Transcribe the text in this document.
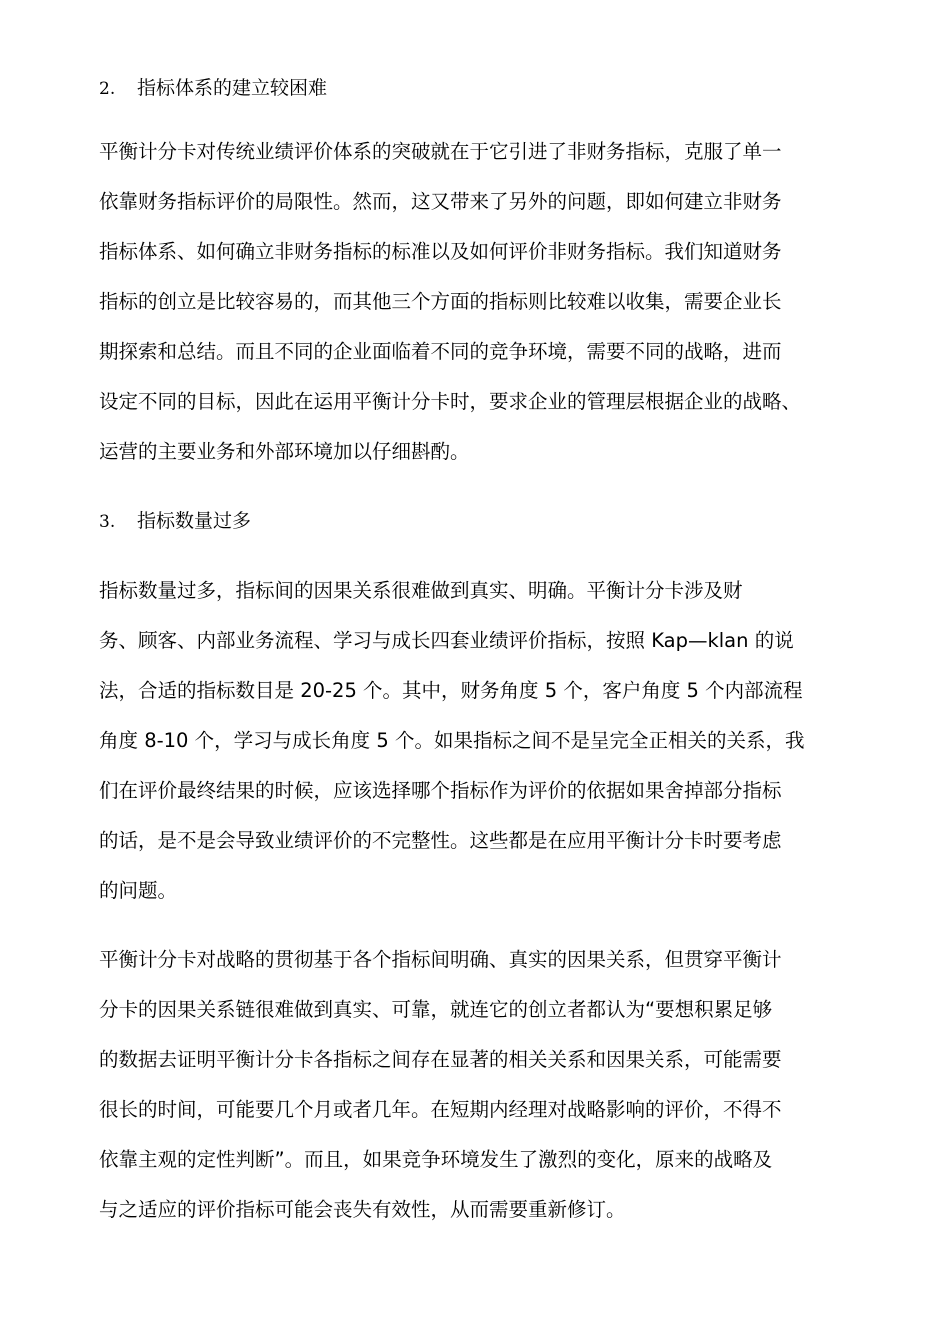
2. 指标体系的建立较困难

平衡计分卡对传统业绩评价体系的突破就在于它引进了非财务指标，克服了单一
依靠财务指标评价的局限性。然而，这又带来了另外的问题，即如何建立非财务
指标体系、如何确立非财务指标的标准以及如何评价非财务指标。我们知道财务
指标的创立是比较容易的，而其他三个方面的指标则比较难以收集，需要企业长
期探索和总结。而且不同的企业面临着不同的竞争环境，需要不同的战略，进而
设定不同的目标，因此在运用平衡计分卡时，要求企业的管理层根据企业的战略、
运营的主要业务和外部环境加以仔细斟酌。

3. 指标数量过多

指标数量过多，指标间的因果关系很难做到真实、明确。平衡计分卡涉及财
务、顾客、内部业务流程、学习与成长四套业绩评价指标，按照 Kap—klan 的说
法，合适的指标数目是 20-25 个。其中，财务角度 5 个，客户角度 5 个内部流程
角度 8-10 个，学习与成长角度 5 个。如果指标之间不是呈完全正相关的关系，我
们在评价最终结果的时候，应该选择哪个指标作为评价的依据如果舍掉部分指标
的话，是不是会导致业绩评价的不完整性。这些都是在应用平衡计分卡时要考虑
的问题。

平衡计分卡对战略的贯彻基于各个指标间明确、真实的因果关系，但贯穿平衡计
分卡的因果关系链很难做到真实、可靠，就连它的创立者都认为“要想积累足够
的数据去证明平衡计分卡各指标之间存在显著的相关关系和因果关系，可能需要
很长的时间，可能要几个月或者几年。在短期内经理对战略影响的评价，不得不
依靠主观的定性判断”。而且，如果竞争环境发生了激烈的变化，原来的战略及
与之适应的评价指标可能会丧失有效性，从而需要重新修订。
